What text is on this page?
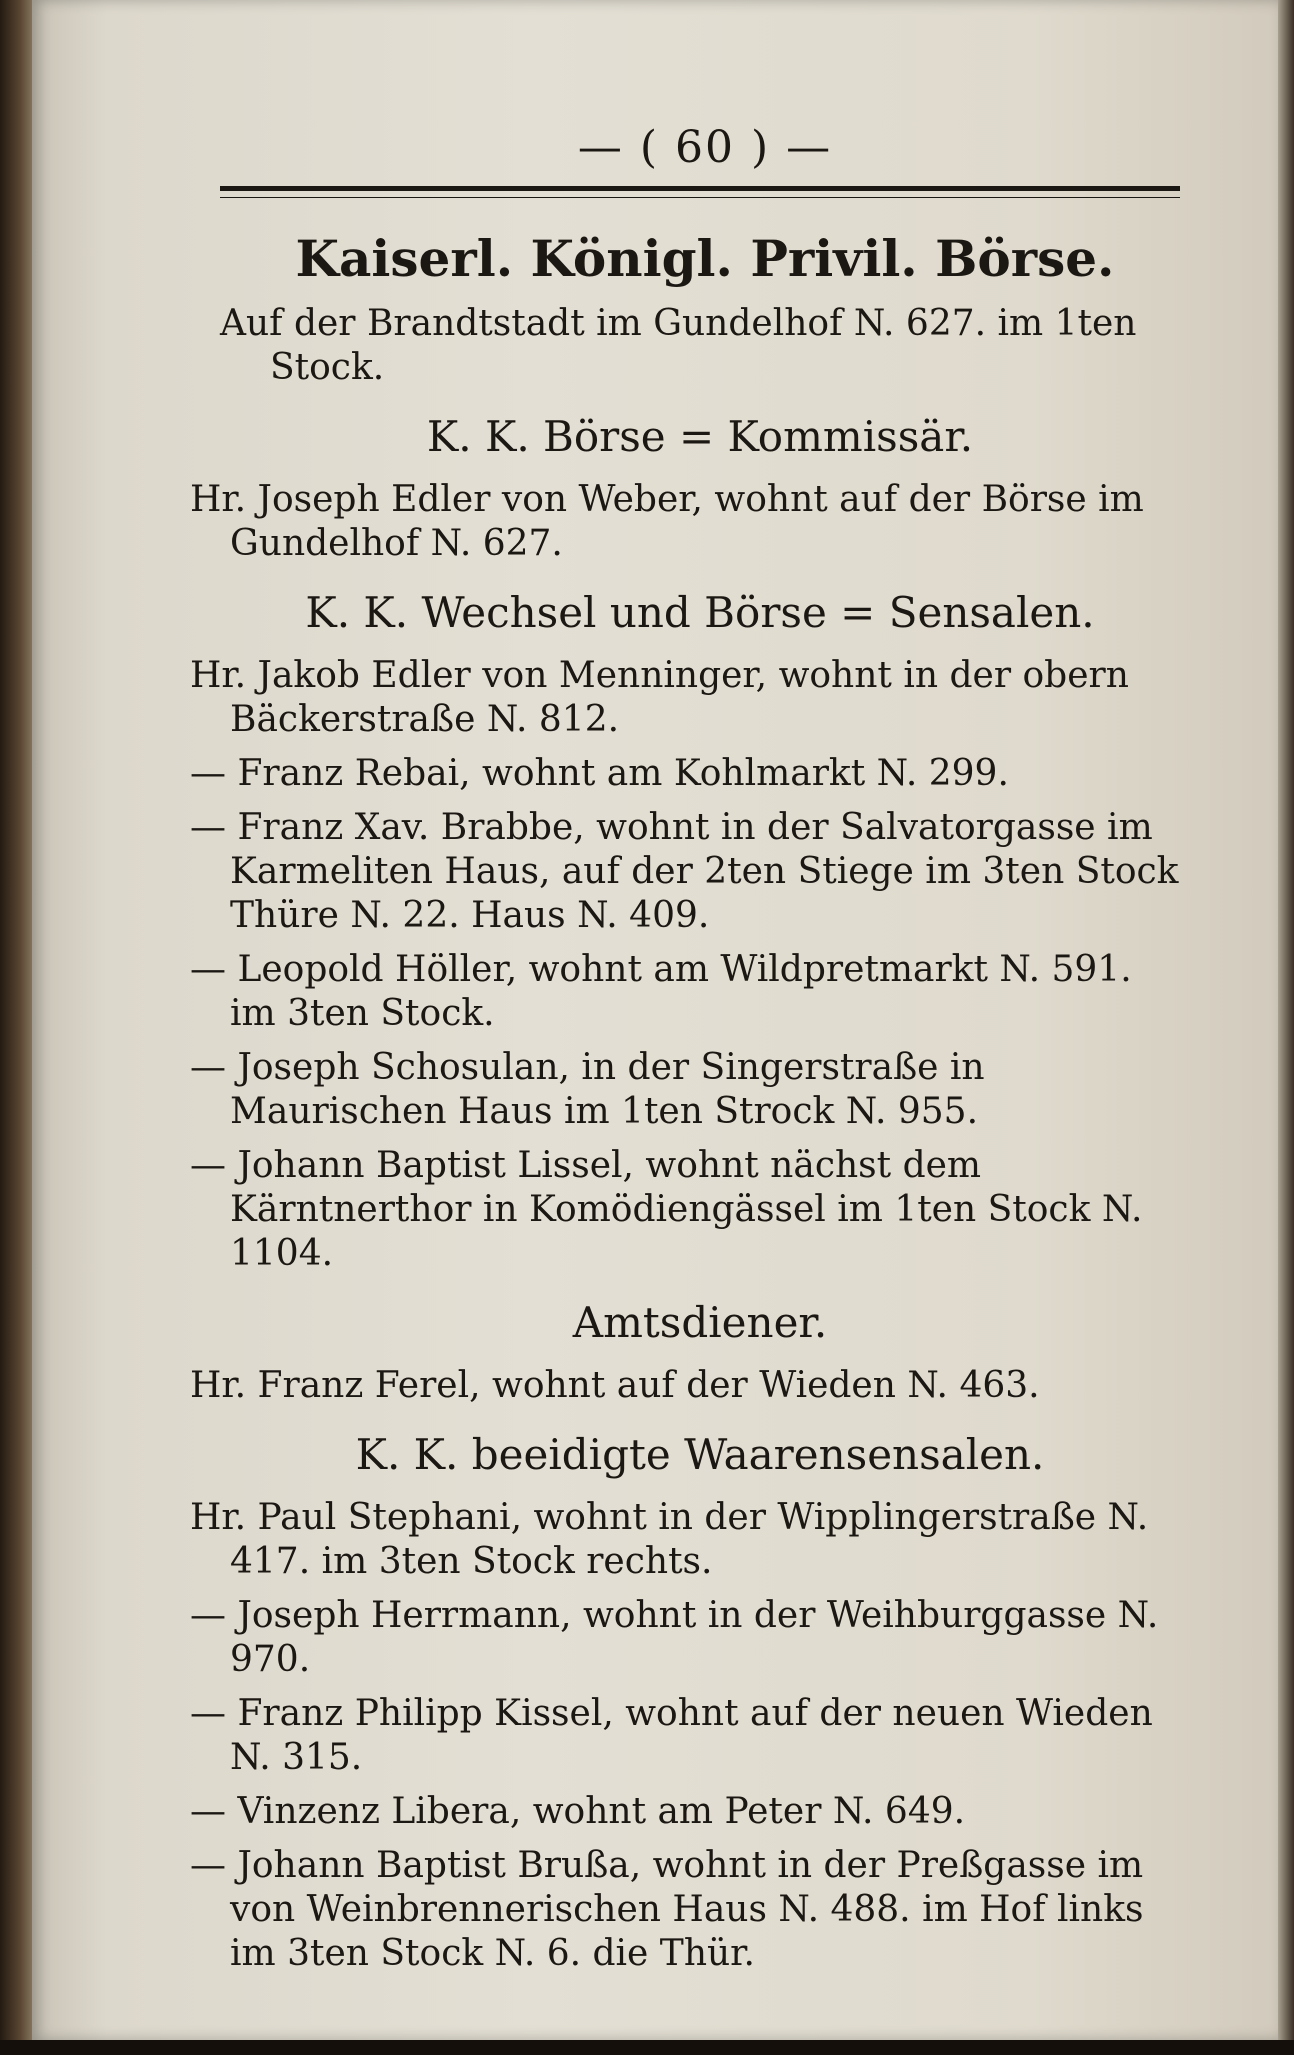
— ( 60 ) —
Kaiserl. Königl. Privil. Börse.
Auf der Brandtstadt im Gundelhof N. 627. im 1ten Stock.
K. K. Börse = Kommissär.
Hr. Joseph Edler von Weber, wohnt auf der Börse im Gundelhof N. 627.
K. K. Wechsel und Börse = Sensalen.
Hr. Jakob Edler von Menninger, wohnt in der obern Bäckerstraße N. 812.
— Franz Rebai, wohnt am Kohlmarkt N. 299.
— Franz Xav. Brabbe, wohnt in der Salvatorgasse im Karmeliten Haus, auf der 2ten Stiege im 3ten Stock Thüre N. 22. Haus N. 409.
— Leopold Höller, wohnt am Wildpretmarkt N. 591. im 3ten Stock.
— Joseph Schosulan, in der Singerstraße in Maurischen Haus im 1ten Strock N. 955.
— Johann Baptist Lissel, wohnt nächst dem Kärntnerthor in Komödiengässel im 1ten Stock N. 1104.
Amtsdiener.
Hr. Franz Ferel, wohnt auf der Wieden N. 463.
K. K. beeidigte Waarensensalen.
Hr. Paul Stephani, wohnt in der Wipplingerstraße N. 417. im 3ten Stock rechts.
— Joseph Herrmann, wohnt in der Weihburggasse N. 970.
— Franz Philipp Kissel, wohnt auf der neuen Wieden N. 315.
— Vinzenz Libera, wohnt am Peter N. 649.
— Johann Baptist Brußa, wohnt in der Preßgasse im von Weinbrennerischen Haus N. 488. im Hof links im 3ten Stock N. 6. die Thür.
